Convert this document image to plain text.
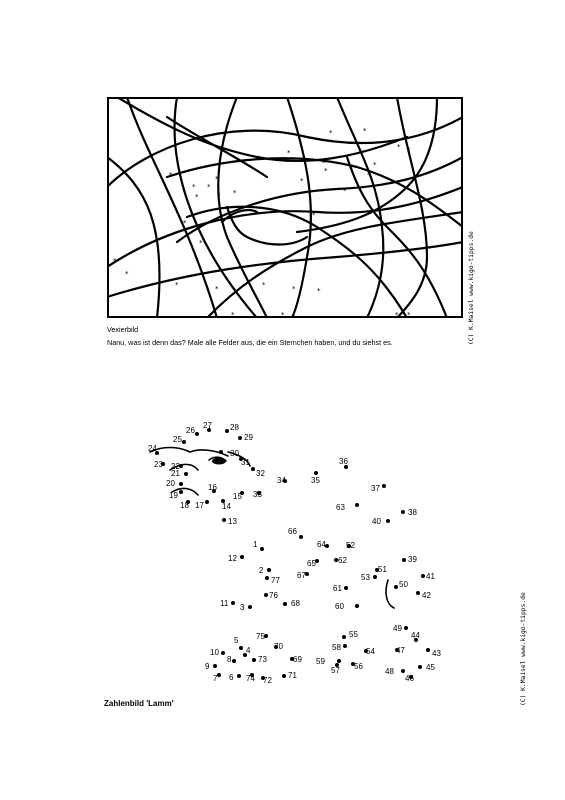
*
*
*	*	*	*	*
* *
*
* *
*
*
*
*
*
*	*
* *
*
*
*
*
*
*
*
*
*
*	*
*
Vexierbild
Nanu, was ist denn das? Male alle Felder aus, die ein Sternchen haben, und du siehst es.	(C) K.Maisel www.kigo-tipps.de
1
2
3
4
5
6
7
8
9
10
11
12
13
14
15
16
17
18
19
20
21
22
23
24
25
26
27 28
29
30
31
32
33
34	35
36
37
38
39
40
41
42
43
44
45
46
47
48
49
50
51
52
53
54
55
56
57
58
59
60
61
62
63
64
65
66
67
68
69
70
71
72
73
74
75
76
77
Zahlenbild 'Lamm'	(C) K.Maisel www.kigo-tipps.de
